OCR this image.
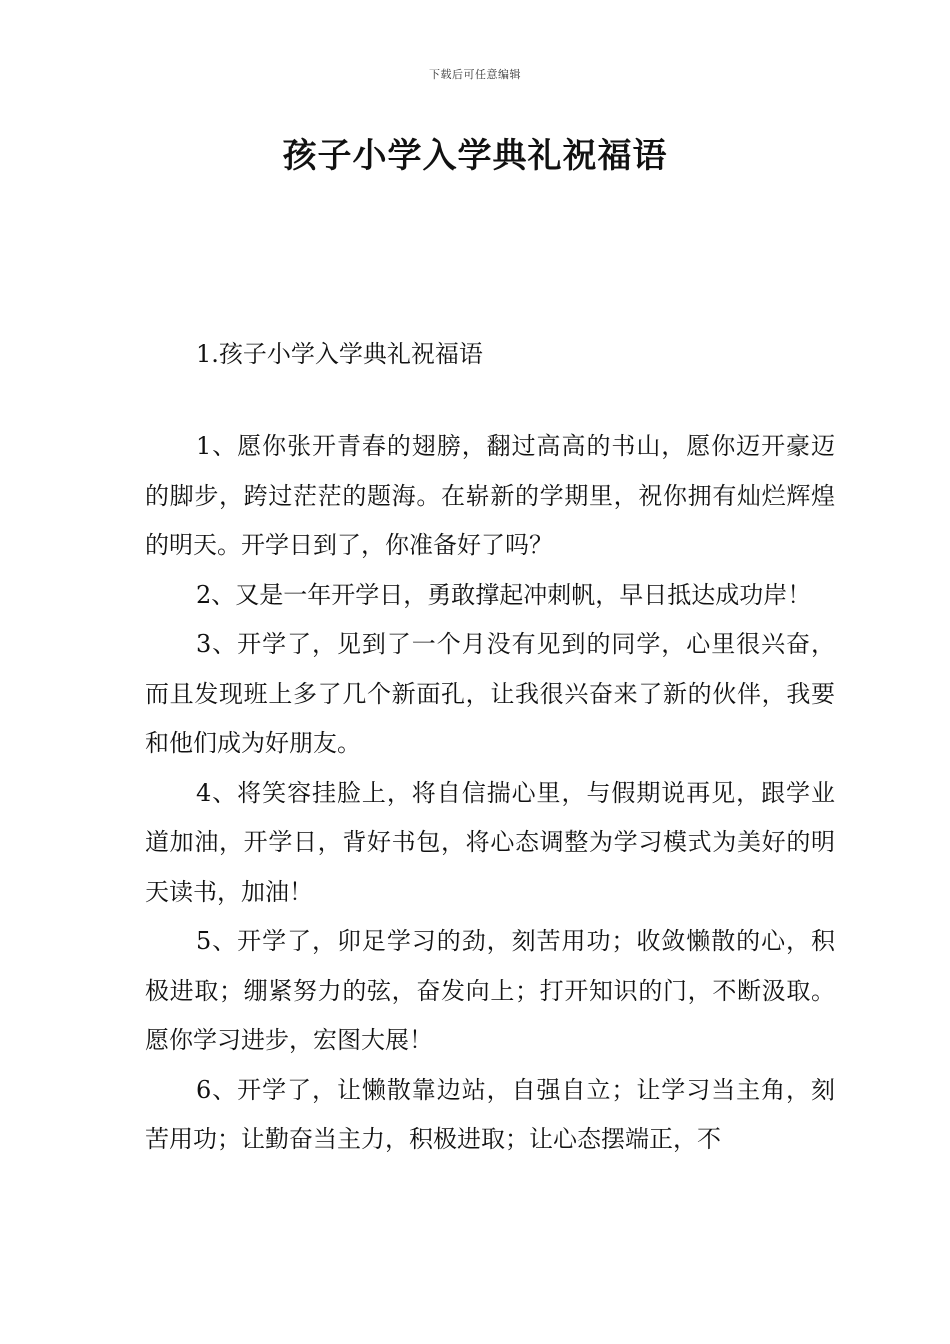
下载后可任意编辑
孩子小学入学典礼祝福语
1.孩子小学入学典礼祝福语

1、愿你张开青春的翅膀，翻过高高的书山，愿你迈开豪迈的脚步，跨过茫茫的题海。在崭新的学期里，祝你拥有灿烂辉煌的明天。开学日到了，你准备好了吗？

2、又是一年开学日，勇敢撑起冲刺帆，早日抵达成功岸！

3、开学了，见到了一个月没有见到的同学，心里很兴奋，而且发现班上多了几个新面孔，让我很兴奋来了新的伙伴，我要和他们成为好朋友。

4、将笑容挂脸上，将自信揣心里，与假期说再见，跟学业道加油，开学日，背好书包，将心态调整为学习模式为美好的明天读书，加油！

5、开学了，卯足学习的劲，刻苦用功；收敛懒散的心，积极进取；绷紧努力的弦，奋发向上；打开知识的门，不断汲取。愿你学习进步，宏图大展！

6、开学了，让懒散靠边站，自强自立；让学习当主角，刻苦用功；让勤奋当主力，积极进取；让心态摆端正，不
